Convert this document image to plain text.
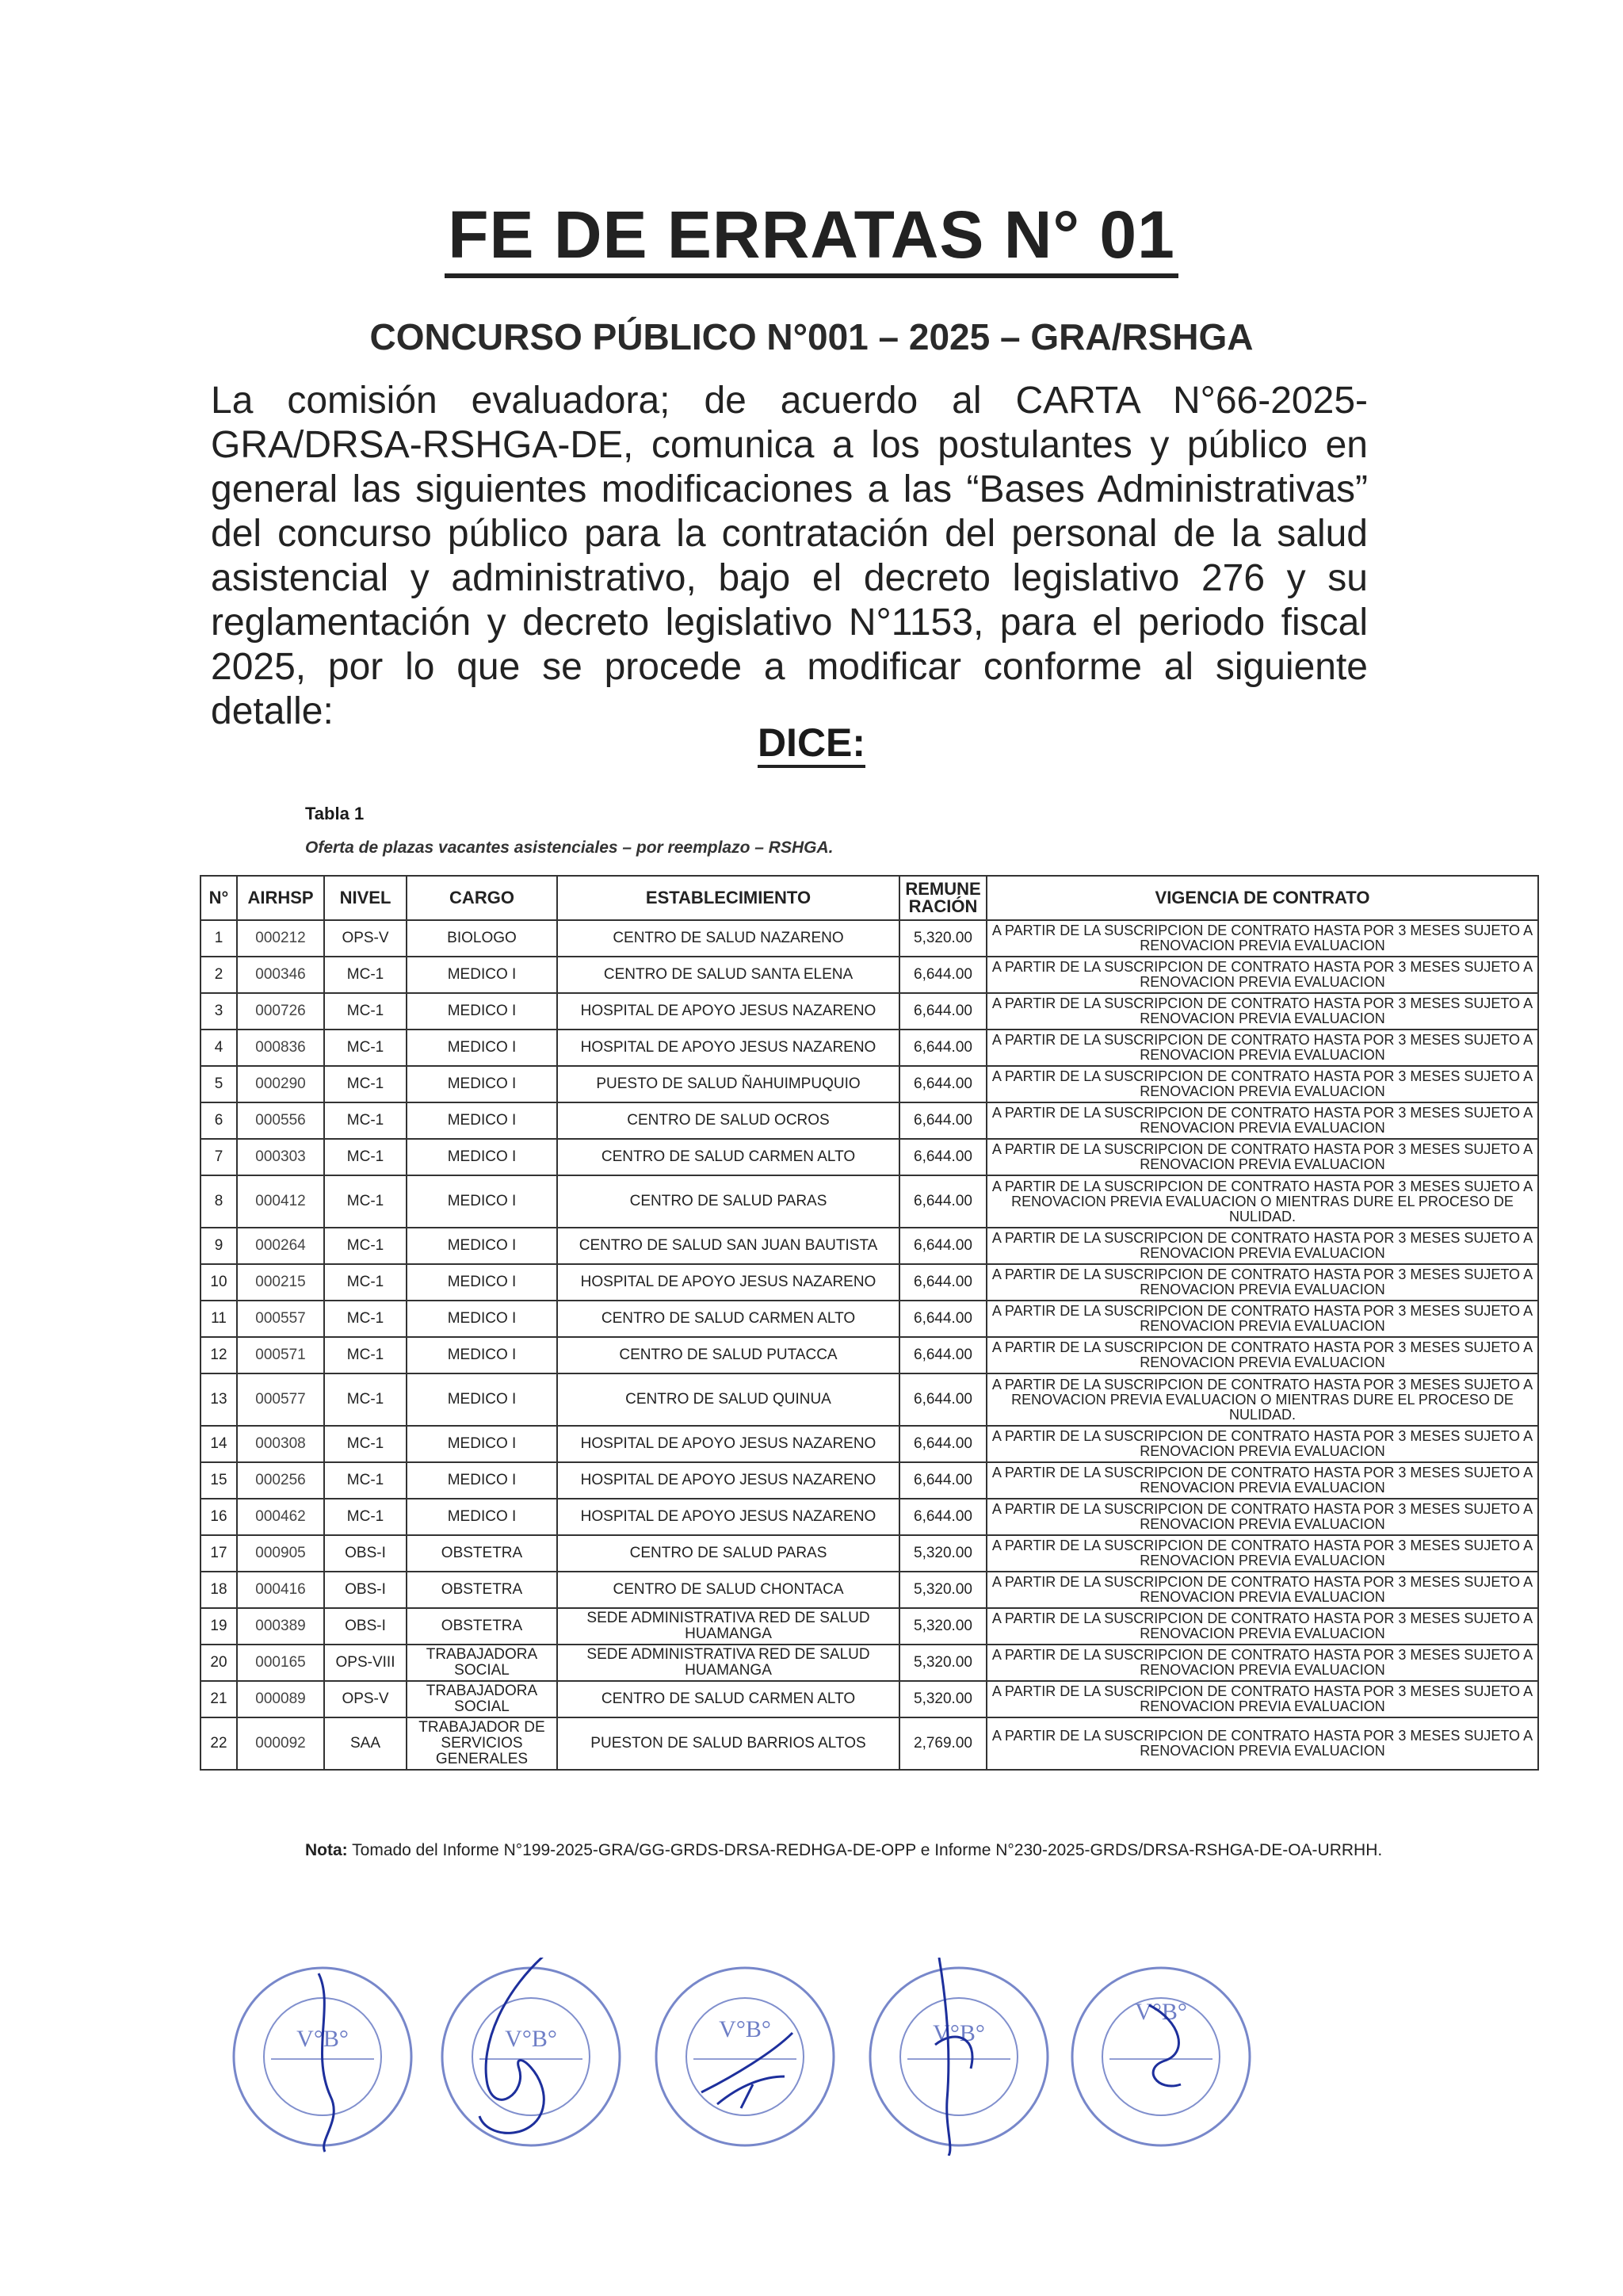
FE DE ERRATAS N° 01
CONCURSO PÚBLICO N°001 – 2025 – GRA/RSHGA
La comisión evaluadora; de acuerdo al CARTA N°66-2025-GRA/DRSA-RSHGA-DE, comunica a los postulantes y público en general las siguientes modificaciones a las “Bases Administrativas” del concurso público para la contratación del personal de la salud asistencial y administrativo, bajo el decreto legislativo 276 y su reglamentación y decreto legislativo N°1153, para el periodo fiscal 2025, por lo que se procede a modificar conforme al siguiente detalle:
DICE:
Tabla 1
Oferta de plazas vacantes asistenciales – por reemplazo – RSHGA.
N°	AIRHSP	NIVEL	CARGO	ESTABLECIMIENTO	REMUNE RACIÓN	VIGENCIA DE CONTRATO
1	000212	OPS-V	BIOLOGO	CENTRO DE SALUD NAZARENO	5,320.00	A PARTIR DE LA SUSCRIPCION DE CONTRATO HASTA POR 3 MESES SUJETO A RENOVACION PREVIA EVALUACION
2	000346	MC-1	MEDICO I	CENTRO DE SALUD SANTA ELENA	6,644.00	A PARTIR DE LA SUSCRIPCION DE CONTRATO HASTA POR 3 MESES SUJETO A RENOVACION PREVIA EVALUACION
3	000726	MC-1	MEDICO I	HOSPITAL DE APOYO JESUS NAZARENO	6,644.00	A PARTIR DE LA SUSCRIPCION DE CONTRATO HASTA POR 3 MESES SUJETO A RENOVACION PREVIA EVALUACION
4	000836	MC-1	MEDICO I	HOSPITAL DE APOYO JESUS NAZARENO	6,644.00	A PARTIR DE LA SUSCRIPCION DE CONTRATO HASTA POR 3 MESES SUJETO A RENOVACION PREVIA EVALUACION
5	000290	MC-1	MEDICO I	PUESTO DE SALUD ÑAHUIMPUQUIO	6,644.00	A PARTIR DE LA SUSCRIPCION DE CONTRATO HASTA POR 3 MESES SUJETO A RENOVACION PREVIA EVALUACION
6	000556	MC-1	MEDICO I	CENTRO DE SALUD OCROS	6,644.00	A PARTIR DE LA SUSCRIPCION DE CONTRATO HASTA POR 3 MESES SUJETO A RENOVACION PREVIA EVALUACION
7	000303	MC-1	MEDICO I	CENTRO DE SALUD CARMEN ALTO	6,644.00	A PARTIR DE LA SUSCRIPCION DE CONTRATO HASTA POR 3 MESES SUJETO A RENOVACION PREVIA EVALUACION
8	000412	MC-1	MEDICO I	CENTRO DE SALUD PARAS	6,644.00	A PARTIR DE LA SUSCRIPCION DE CONTRATO HASTA POR 3 MESES SUJETO A RENOVACION PREVIA EVALUACION O MIENTRAS DURE EL PROCESO DE NULIDAD.
9	000264	MC-1	MEDICO I	CENTRO DE SALUD SAN JUAN BAUTISTA	6,644.00	A PARTIR DE LA SUSCRIPCION DE CONTRATO HASTA POR 3 MESES SUJETO A RENOVACION PREVIA EVALUACION
10	000215	MC-1	MEDICO I	HOSPITAL DE APOYO JESUS NAZARENO	6,644.00	A PARTIR DE LA SUSCRIPCION DE CONTRATO HASTA POR 3 MESES SUJETO A RENOVACION PREVIA EVALUACION
11	000557	MC-1	MEDICO I	CENTRO DE SALUD CARMEN ALTO	6,644.00	A PARTIR DE LA SUSCRIPCION DE CONTRATO HASTA POR 3 MESES SUJETO A RENOVACION PREVIA EVALUACION
12	000571	MC-1	MEDICO I	CENTRO DE SALUD PUTACCA	6,644.00	A PARTIR DE LA SUSCRIPCION DE CONTRATO HASTA POR 3 MESES SUJETO A RENOVACION PREVIA EVALUACION
13	000577	MC-1	MEDICO I	CENTRO DE SALUD QUINUA	6,644.00	A PARTIR DE LA SUSCRIPCION DE CONTRATO HASTA POR 3 MESES SUJETO A RENOVACION PREVIA EVALUACION O MIENTRAS DURE EL PROCESO DE NULIDAD.
14	000308	MC-1	MEDICO I	HOSPITAL DE APOYO JESUS NAZARENO	6,644.00	A PARTIR DE LA SUSCRIPCION DE CONTRATO HASTA POR 3 MESES SUJETO A RENOVACION PREVIA EVALUACION
15	000256	MC-1	MEDICO I	HOSPITAL DE APOYO JESUS NAZARENO	6,644.00	A PARTIR DE LA SUSCRIPCION DE CONTRATO HASTA POR 3 MESES SUJETO A RENOVACION PREVIA EVALUACION
16	000462	MC-1	MEDICO I	HOSPITAL DE APOYO JESUS NAZARENO	6,644.00	A PARTIR DE LA SUSCRIPCION DE CONTRATO HASTA POR 3 MESES SUJETO A RENOVACION PREVIA EVALUACION
17	000905	OBS-I	OBSTETRA	CENTRO DE SALUD PARAS	5,320.00	A PARTIR DE LA SUSCRIPCION DE CONTRATO HASTA POR 3 MESES SUJETO A RENOVACION PREVIA EVALUACION
18	000416	OBS-I	OBSTETRA	CENTRO DE SALUD CHONTACA	5,320.00	A PARTIR DE LA SUSCRIPCION DE CONTRATO HASTA POR 3 MESES SUJETO A RENOVACION PREVIA EVALUACION
19	000389	OBS-I	OBSTETRA	SEDE ADMINISTRATIVA RED DE SALUD HUAMANGA	5,320.00	A PARTIR DE LA SUSCRIPCION DE CONTRATO HASTA POR 3 MESES SUJETO A RENOVACION PREVIA EVALUACION
20	000165	OPS-VIII	TRABAJADORA SOCIAL	SEDE ADMINISTRATIVA RED DE SALUD HUAMANGA	5,320.00	A PARTIR DE LA SUSCRIPCION DE CONTRATO HASTA POR 3 MESES SUJETO A RENOVACION PREVIA EVALUACION
21	000089	OPS-V	TRABAJADORA SOCIAL	CENTRO DE SALUD CARMEN ALTO	5,320.00	A PARTIR DE LA SUSCRIPCION DE CONTRATO HASTA POR 3 MESES SUJETO A RENOVACION PREVIA EVALUACION
22	000092	SAA	TRABAJADOR DE SERVICIOS GENERALES	PUESTON DE SALUD BARRIOS ALTOS	2,769.00	A PARTIR DE LA SUSCRIPCION DE CONTRATO HASTA POR 3 MESES SUJETO A RENOVACION PREVIA EVALUACION
Nota: Tomado del Informe N°199-2025-GRA/GG-GRDS-DRSA-REDHGA-DE-OPP e Informe N°230-2025-GRDS/DRSA-RSHGA-DE-OA-URRHH.
V°B°	V°B°	V°B°	V°B°
V°B°
